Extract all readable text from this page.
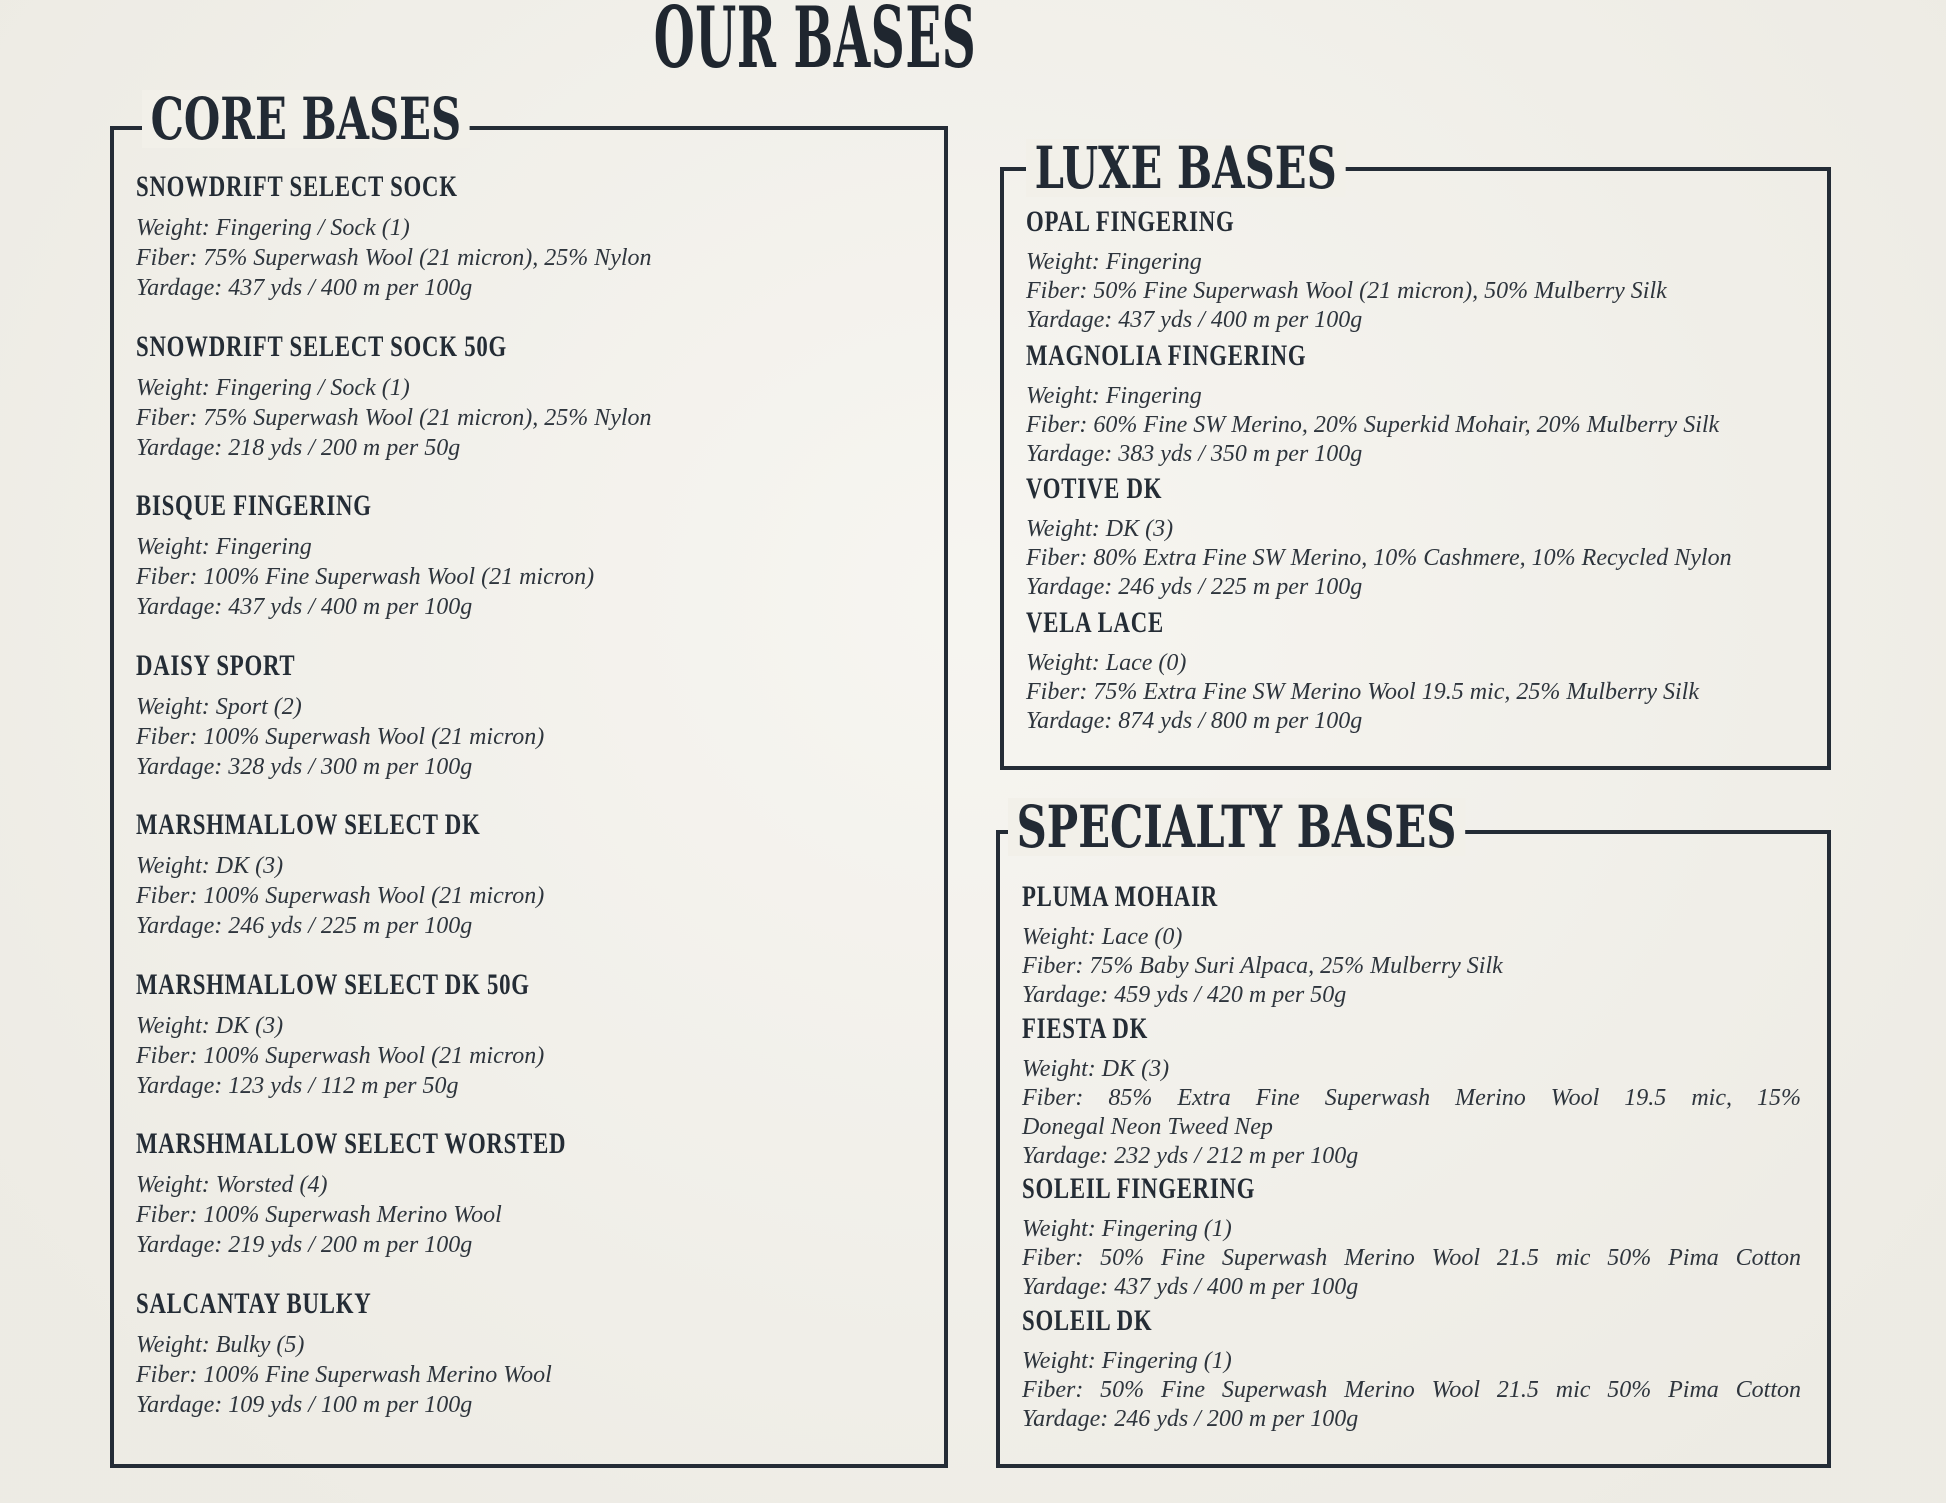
OUR BASES
CORE BASES
SNOWDRIFT SELECT SOCK
Weight: Fingering / Sock (1)
Fiber: 75% Superwash Wool (21 micron), 25% Nylon
Yardage: 437 yds / 400 m per 100g
SNOWDRIFT SELECT SOCK 50G
Weight: Fingering / Sock (1)
Fiber: 75% Superwash Wool (21 micron), 25% Nylon
Yardage: 218 yds / 200 m per 50g
BISQUE FINGERING
Weight: Fingering
Fiber: 100% Fine Superwash Wool (21 micron)
Yardage: 437 yds / 400 m per 100g
DAISY SPORT
Weight: Sport (2)
Fiber: 100% Superwash Wool (21 micron)
Yardage: 328 yds / 300 m per 100g
MARSHMALLOW SELECT DK
Weight: DK (3)
Fiber: 100% Superwash Wool (21 micron)
Yardage: 246 yds / 225 m per 100g
MARSHMALLOW SELECT DK 50G
Weight: DK (3)
Fiber: 100% Superwash Wool (21 micron)
Yardage: 123 yds / 112 m per 50g
MARSHMALLOW SELECT WORSTED
Weight: Worsted (4)
Fiber: 100% Superwash Merino Wool
Yardage: 219 yds / 200 m per 100g
SALCANTAY BULKY
Weight: Bulky (5)
Fiber: 100% Fine Superwash Merino Wool
Yardage: 109 yds / 100 m per 100g
LUXE BASES
OPAL FINGERING
Weight: Fingering
Fiber: 50% Fine Superwash Wool (21 micron), 50% Mulberry Silk
Yardage: 437 yds / 400 m per 100g
MAGNOLIA FINGERING
Weight: Fingering
Fiber: 60% Fine SW Merino, 20% Superkid Mohair, 20% Mulberry Silk
Yardage: 383 yds / 350 m per 100g
VOTIVE DK
Weight: DK (3)
Fiber: 80% Extra Fine SW Merino, 10% Cashmere, 10% Recycled Nylon
Yardage: 246 yds / 225 m per 100g
VELA LACE
Weight: Lace (0)
Fiber: 75% Extra Fine SW Merino Wool 19.5 mic, 25% Mulberry Silk
Yardage: 874 yds / 800 m per 100g
SPECIALTY BASES
PLUMA MOHAIR
Weight: Lace (0)
Fiber: 75% Baby Suri Alpaca, 25% Mulberry Silk
Yardage: 459 yds / 420 m per 50g
FIESTA DK
Weight: DK (3)
Fiber: 85% Extra Fine Superwash Merino Wool 19.5 mic, 15%
Donegal Neon Tweed Nep
Yardage: 232 yds / 212 m per 100g
SOLEIL FINGERING
Weight: Fingering (1)
Fiber: 50% Fine Superwash Merino Wool 21.5 mic 50% Pima Cotton
Yardage: 437 yds / 400 m per 100g
SOLEIL DK
Weight: Fingering (1)
Fiber: 50% Fine Superwash Merino Wool 21.5 mic 50% Pima Cotton
Yardage: 246 yds / 200 m per 100g
